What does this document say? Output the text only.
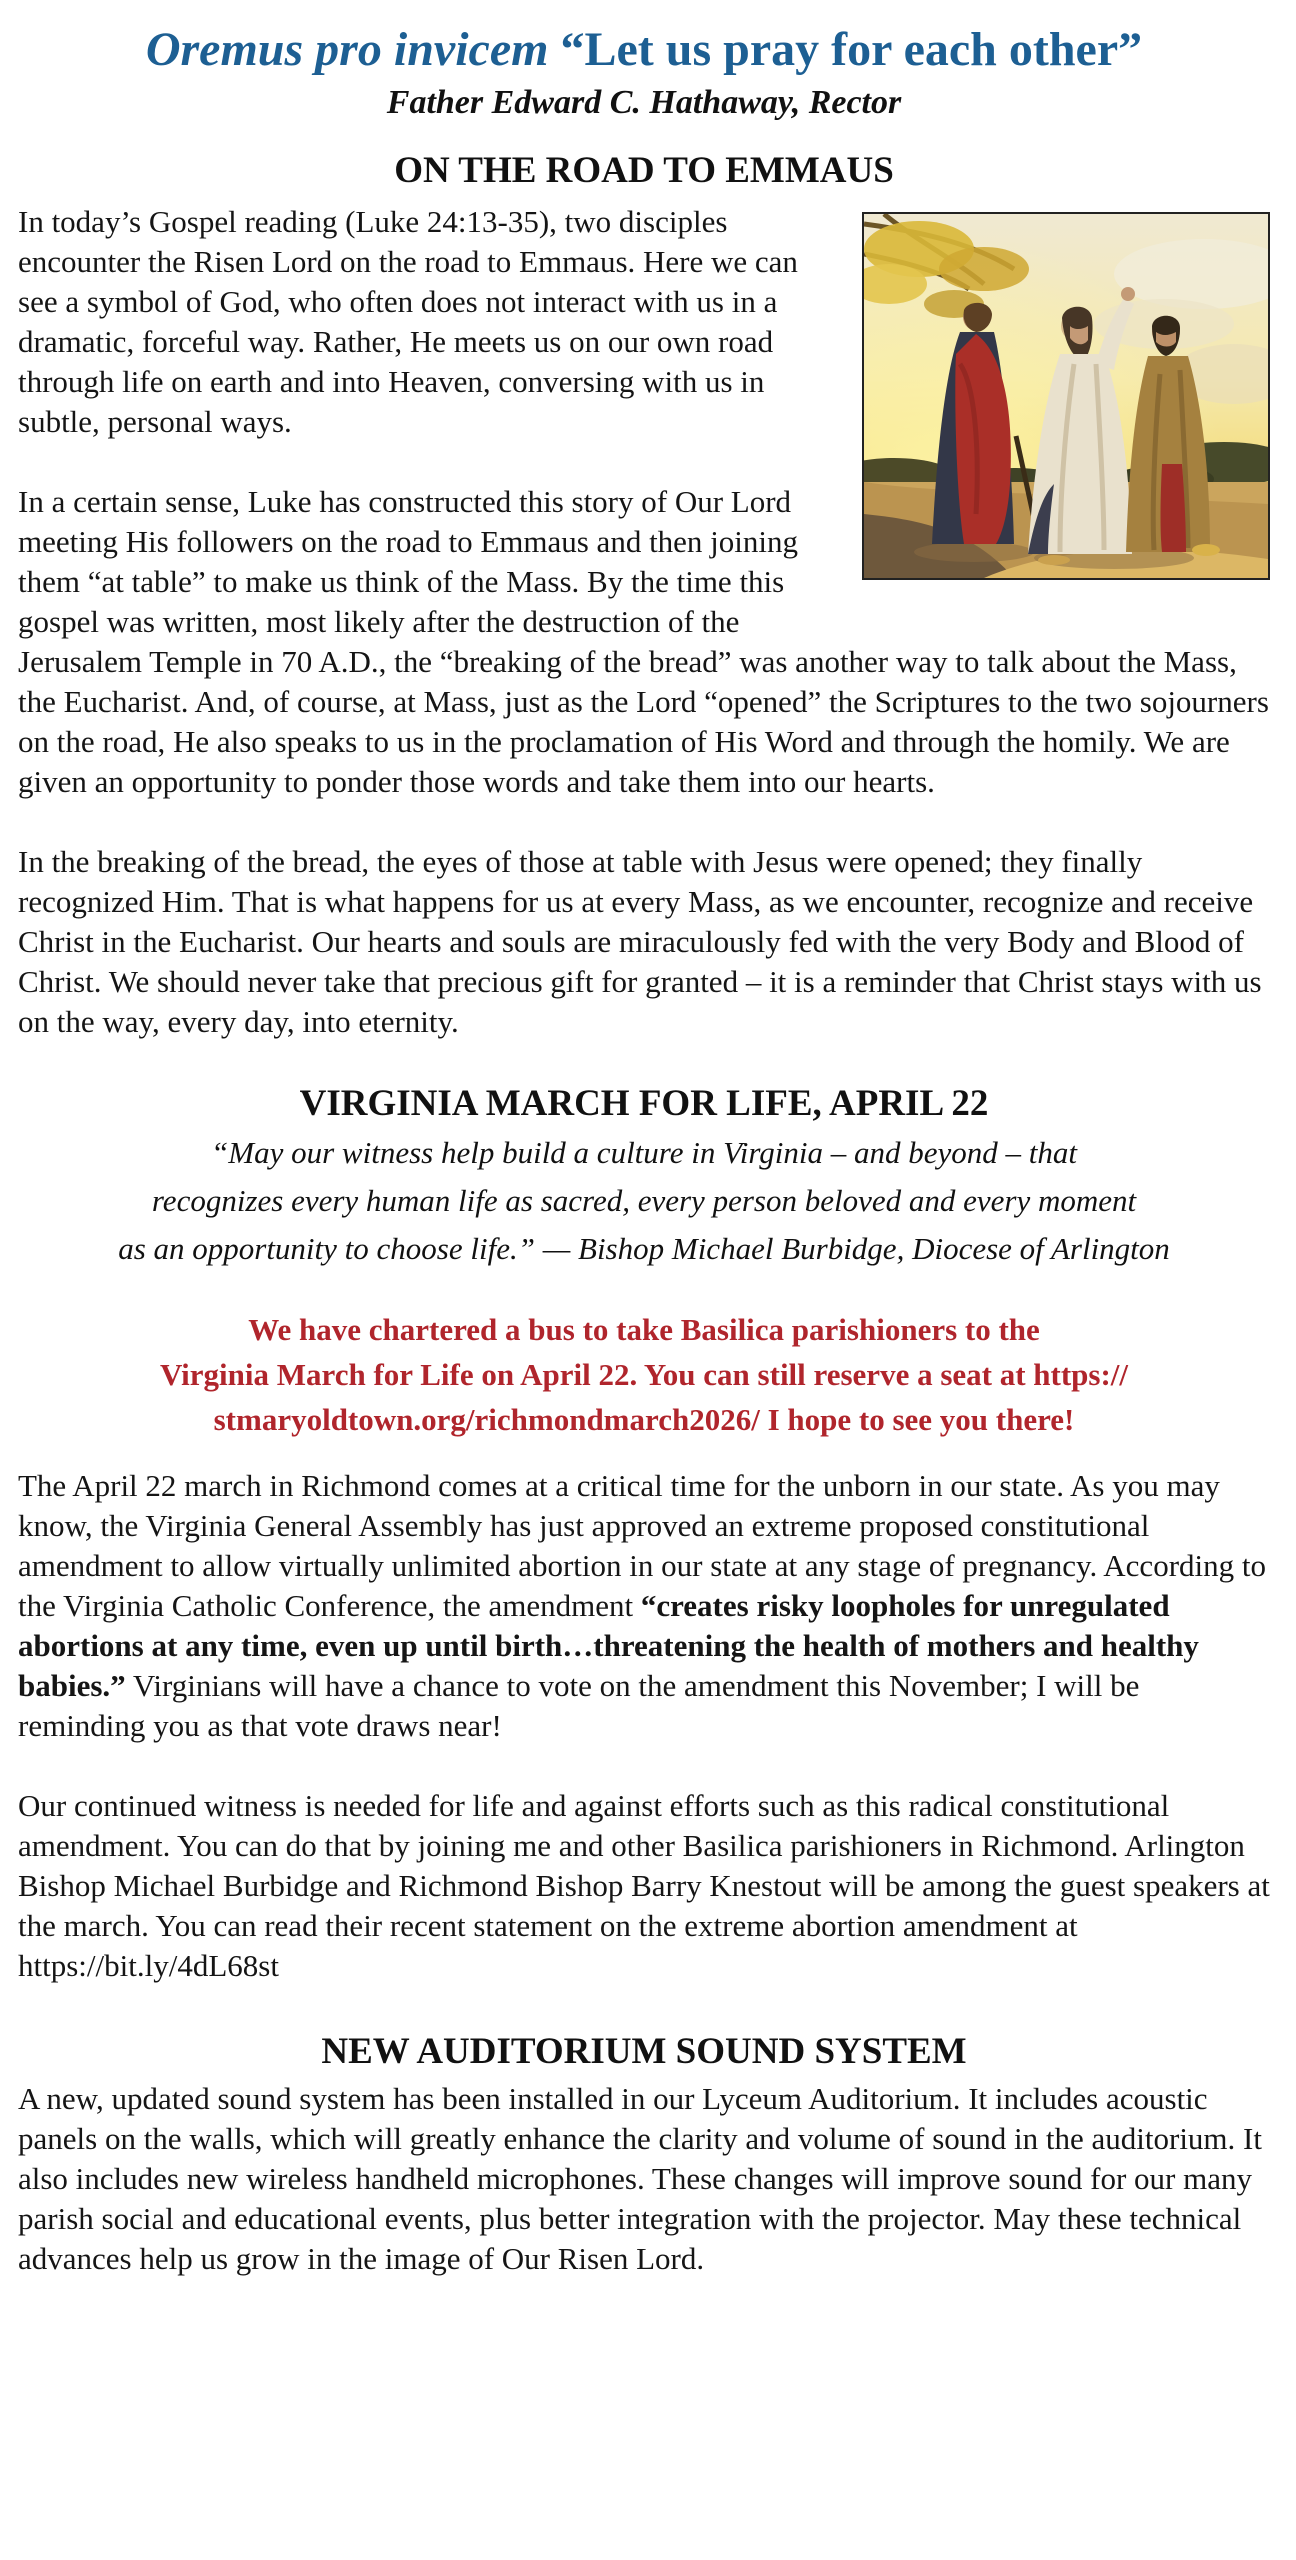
Oremus pro invicem “Let us pray for each other”
Father Edward C. Hathaway, Rector
ON THE ROAD TO EMMAUS

In today’s Gospel reading (Luke 24:13-35), two disciples encounter the Risen Lord on the road to Emmaus. Here we can see a symbol of God, who often does not interact with us in a dramatic, forceful way. Rather, He meets us on our own road through life on earth and into Heaven, conversing with us in subtle, personal ways.

In a certain sense, Luke has constructed this story of Our Lord meeting His followers on the road to Emmaus and then joining them “at table” to make us think of the Mass. By the time this gospel was written, most likely after the destruction of the Jerusalem Temple in 70 A.D., the “breaking of the bread” was another way to talk about the Mass, the Eucharist. And, of course, at Mass, just as the Lord “opened” the Scriptures to the two sojourners on the road, He also speaks to us in the proclamation of His Word and through the homily. We are given an opportunity to ponder those words and take them into our hearts.

In the breaking of the bread, the eyes of those at table with Jesus were opened; they finally recognized Him. That is what happens for us at every Mass, as we encounter, recognize and receive Christ in the Eucharist. Our hearts and souls are miraculously fed with the very Body and Blood of Christ. We should never take that precious gift for granted – it is a reminder that Christ stays with us on the way, every day, into eternity.

VIRGINIA MARCH FOR LIFE, APRIL 22
“May our witness help build a culture in Virginia – and beyond – that
recognizes every human life as sacred, every person beloved and every moment
as an opportunity to choose life.” — Bishop Michael Burbidge, Diocese of Arlington
We have chartered a bus to take Basilica parishioners to the
Virginia March for Life on April 22. You can still reserve a seat at https://
stmaryoldtown.org/richmondmarch2026/ I hope to see you there!

The April 22 march in Richmond comes at a critical time for the unborn in our state. As you may know, the Virginia General Assembly has just approved an extreme proposed constitutional amendment to allow virtually unlimited abortion in our state at any stage of pregnancy. According to the Virginia Catholic Conference, the amendment “creates risky loopholes for unregulated abortions at any time, even up until birth…threatening the health of mothers and healthy babies.” Virginians will have a chance to vote on the amendment this November; I will be reminding you as that vote draws near!

Our continued witness is needed for life and against efforts such as this radical constitutional amendment. You can do that by joining me and other Basilica parishioners in Richmond. Arlington Bishop Michael Burbidge and Richmond Bishop Barry Knestout will be among the guest speakers at the march. You can read their recent statement on the extreme abortion amendment at https://bit.ly/4dL68st

NEW AUDITORIUM SOUND SYSTEM

A new, updated sound system has been installed in our Lyceum Auditorium. It includes acoustic panels on the walls, which will greatly enhance the clarity and volume of sound in the auditorium. It also includes new wireless handheld microphones. These changes will improve sound for our many parish social and educational events, plus better integration with the projector. May these technical advances help us grow in the image of Our Risen Lord.
